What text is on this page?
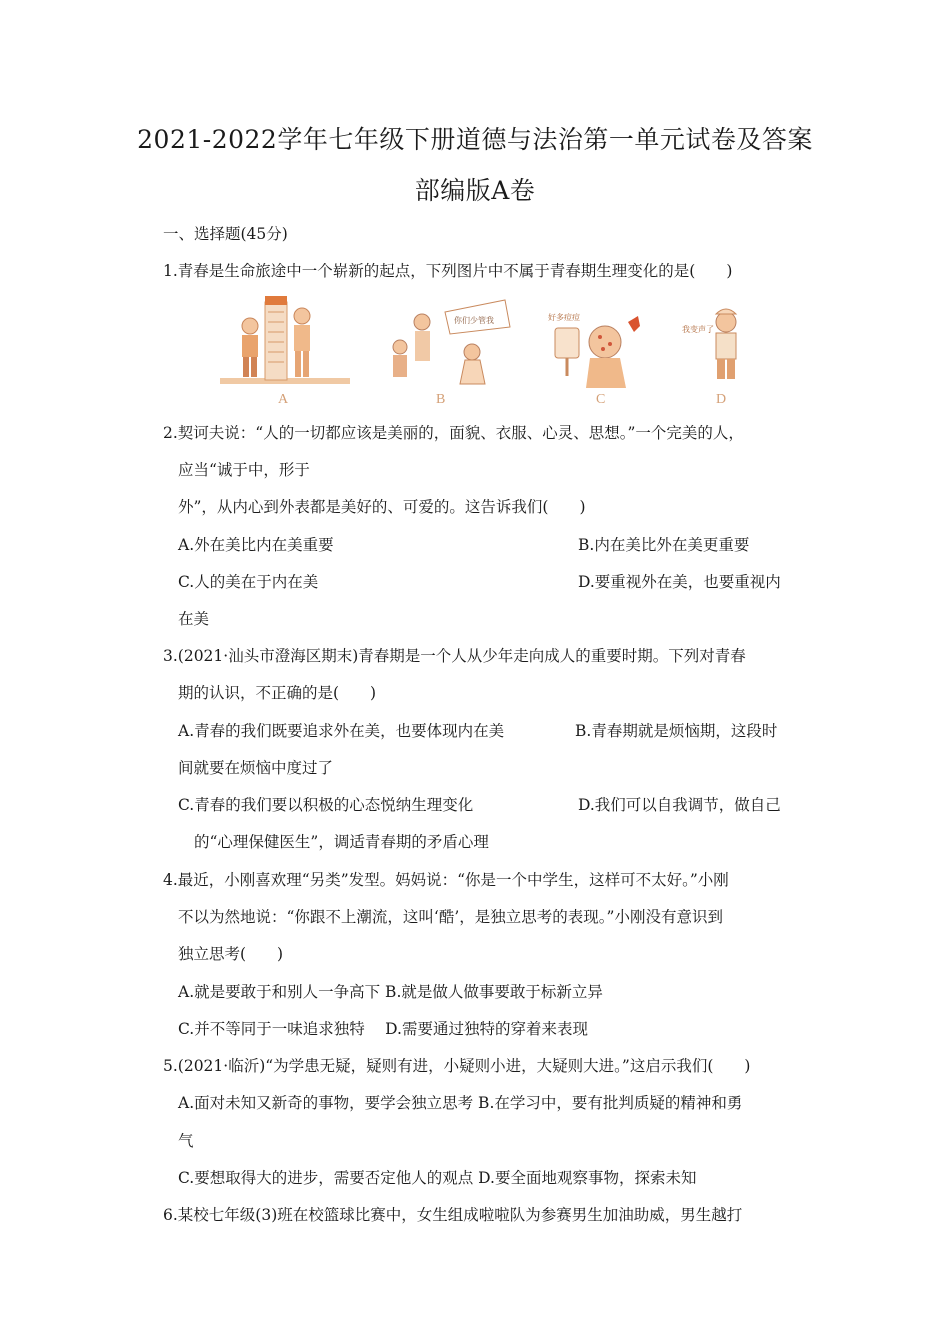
2021-2022学年七年级下册道德与法治第一单元试卷及答案
部编版A卷
一、选择题(45分)
1.青春是生命旅途中一个崭新的起点，下列图片中不属于青春期生理变化的是(　　)
你们少管我	好多痘痘
我变声了
A	B	C	D
2.契诃夫说：“人的一切都应该是美丽的，面貌、衣服、心灵、思想。”一个完美的人，
应当“诚于中，形于
外”，从内心到外表都是美好的、可爱的。这告诉我们(　　)
A.外在美比内在美重要	B.内在美比外在美更重要
C.人的美在于内在美	D.要重视外在美，也要重视内
在美
3.(2021·汕头市澄海区期末)青春期是一个人从少年走向成人的重要时期。下列对青春
期的认识，不正确的是(　　)
A.青春的我们既要追求外在美，也要体现内在美	B.青春期就是烦恼期，这段时
间就要在烦恼中度过了
C.青春的我们要以积极的心态悦纳生理变化	D.我们可以自我调节，做自己
的“心理保健医生”，调适青春期的矛盾心理
4.最近，小刚喜欢理“另类”发型。妈妈说：“你是一个中学生，这样可不太好。”小刚
不以为然地说：“你跟不上潮流，这叫‘酷’，是独立思考的表现。”小刚没有意识到
独立思考(　　)
A.就是要敢于和别人一争高下 B.就是做人做事要敢于标新立异
C.并不等同于一味追求独特　 D.需要通过独特的穿着来表现
5.(2021·临沂)“为学患无疑，疑则有进，小疑则小进，大疑则大进。”这启示我们(　　)
A.面对未知又新奇的事物，要学会独立思考 B.在学习中，要有批判质疑的精神和勇
气
C.要想取得大的进步，需要否定他人的观点 D.要全面地观察事物，探索未知
6.某校七年级(3)班在校篮球比赛中，女生组成啦啦队为参赛男生加油助威，男生越打
